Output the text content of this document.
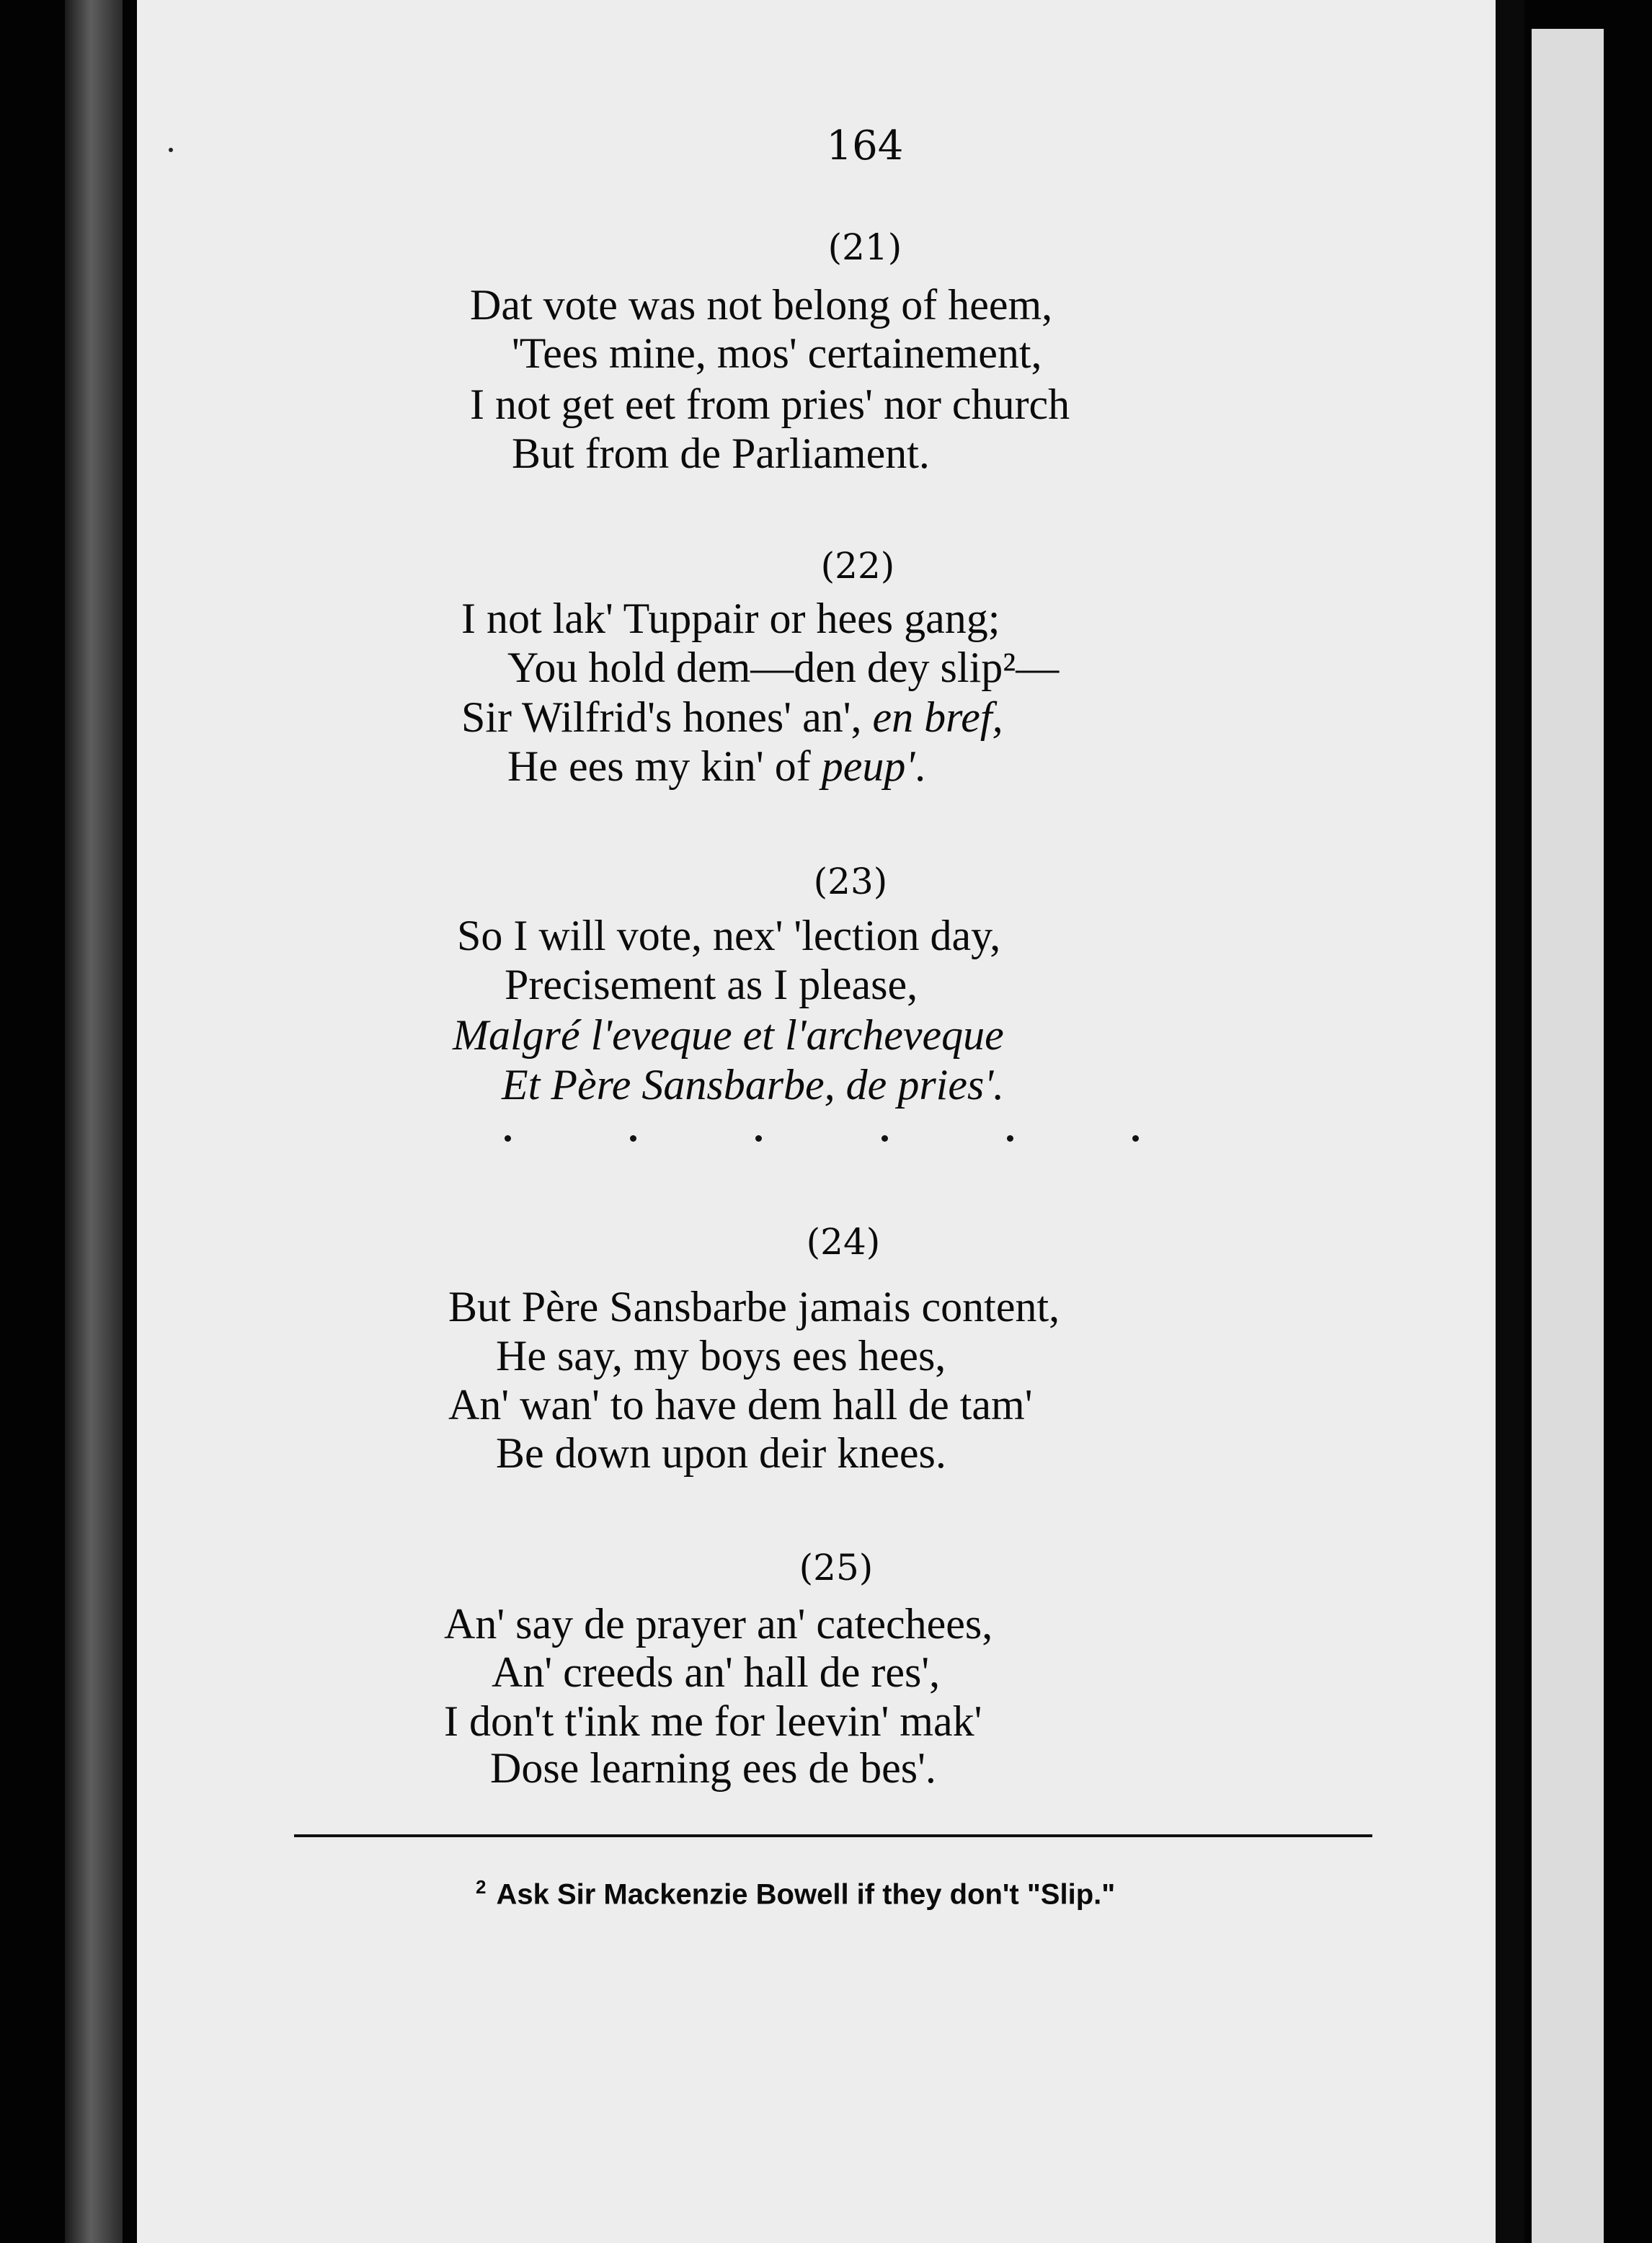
164

(21)
Dat vote was not belong of heem,
'Tees mine, mos' certainement,
I not get eet from pries' nor church
But from de Parliament.
(22)
I not lak' Tuppair or hees gang;
You hold dem—den dey slip²—
Sir Wilfrid's hones' an', en bref,
He ees my kin' of peup'.
(23)
So I will vote, nex' 'lection day,
Precisement as I please,
Malgré l'eveque et l'archeveque
Et Père Sansbarbe, de pries'.
(24)
But Père Sansbarbe jamais content,
He say, my boys ees hees,
An' wan' to have dem hall de tam'
Be down upon deir knees.
(25)
An' say de prayer an' catechees,
An' creeds an' hall de res',
I don't t'ink me for leevin' mak'
Dose learning ees de bes'.
$^2$ Ask Sir Mackenzie Bowell if they don't "Slip."
